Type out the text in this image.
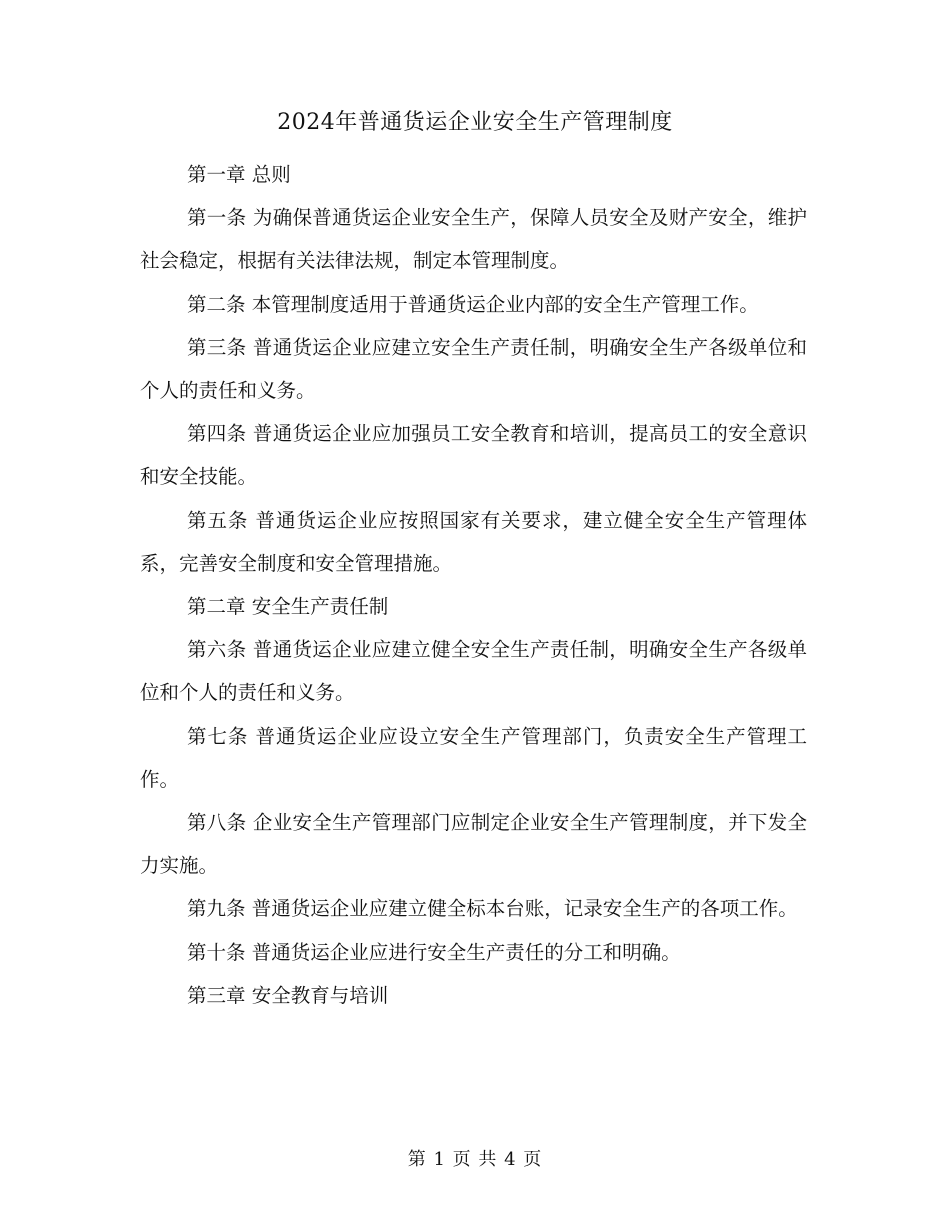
2024年普通货运企业安全生产管理制度

第一章 总则

第一条 为确保普通货运企业安全生产，保障人员安全及财产安全，维护社会稳定，根据有关法律法规，制定本管理制度。

第二条 本管理制度适用于普通货运企业内部的安全生产管理工作。

第三条 普通货运企业应建立安全生产责任制，明确安全生产各级单位和个人的责任和义务。

第四条 普通货运企业应加强员工安全教育和培训，提高员工的安全意识和安全技能。

第五条 普通货运企业应按照国家有关要求，建立健全安全生产管理体系，完善安全制度和安全管理措施。

第二章 安全生产责任制

第六条 普通货运企业应建立健全安全生产责任制，明确安全生产各级单位和个人的责任和义务。

第七条 普通货运企业应设立安全生产管理部门，负责安全生产管理工作。

第八条 企业安全生产管理部门应制定企业安全生产管理制度，并下发全力实施。

第九条 普通货运企业应建立健全标本台账，记录安全生产的各项工作。

第十条 普通货运企业应进行安全生产责任的分工和明确。

第三章 安全教育与培训

第 1 页 共 4 页
